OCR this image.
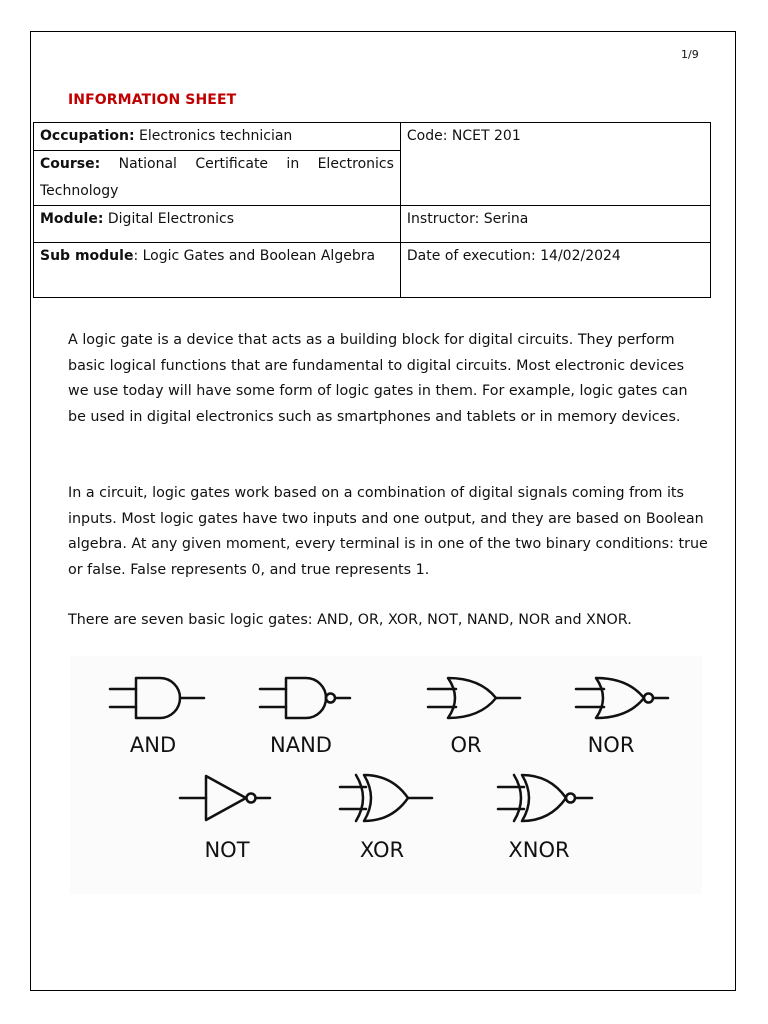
1/9
INFORMATION SHEET
Occupation: Electronics technician	Code: NCET 201
Course: National Certificate in Electronics Technology	
Module: Digital Electronics	Instructor: Serina
Sub module: Logic Gates and Boolean Algebra	Date of execution: 14/02/2024

A logic gate is a device that acts as a building block for digital circuits. They perform basic logical functions that are fundamental to digital circuits. Most electronic devices we use today will have some form of logic gates in them. For example, logic gates can be used in digital electronics such as smartphones and tablets or in memory devices.

In a circuit, logic gates work based on a combination of digital signals coming from its inputs. Most logic gates have two inputs and one output, and they are based on Boolean algebra. At any given moment, every terminal is in one of the two binary conditions: true or false. False represents 0, and true represents 1.

There are seven basic logic gates: AND, OR, XOR, NOT, NAND, NOR and XNOR.

AND	NAND	OR	NOR
NOT	XOR	XNOR
